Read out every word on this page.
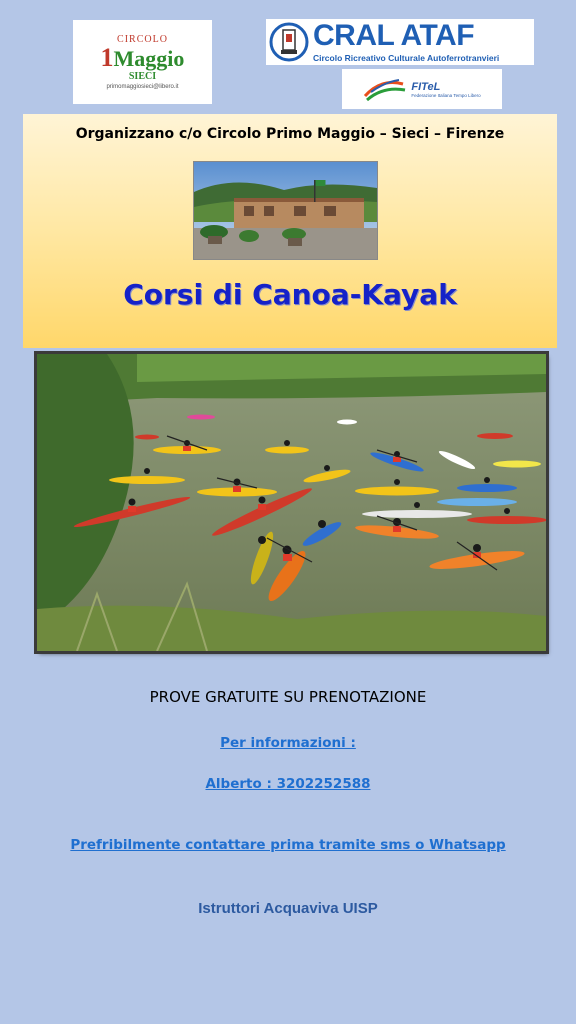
CIRCOLO
1 Maggio
SIECI
primomaggiosieci@libero.it
CRAL ATAF
Circolo Ricreativo Culturale Autoferrotranvieri
FITeL
Federazione Italiana Tempo Libero
Organizzano c/o Circolo Primo Maggio – Sieci – Firenze
Corsi di Canoa-Kayak
PROVE GRATUITE SU PRENOTAZIONE
Per informazioni :
Alberto : 3202252588
Prefribilmente contattare prima tramite sms o Whatsapp
Istruttori Acquaviva UISP
